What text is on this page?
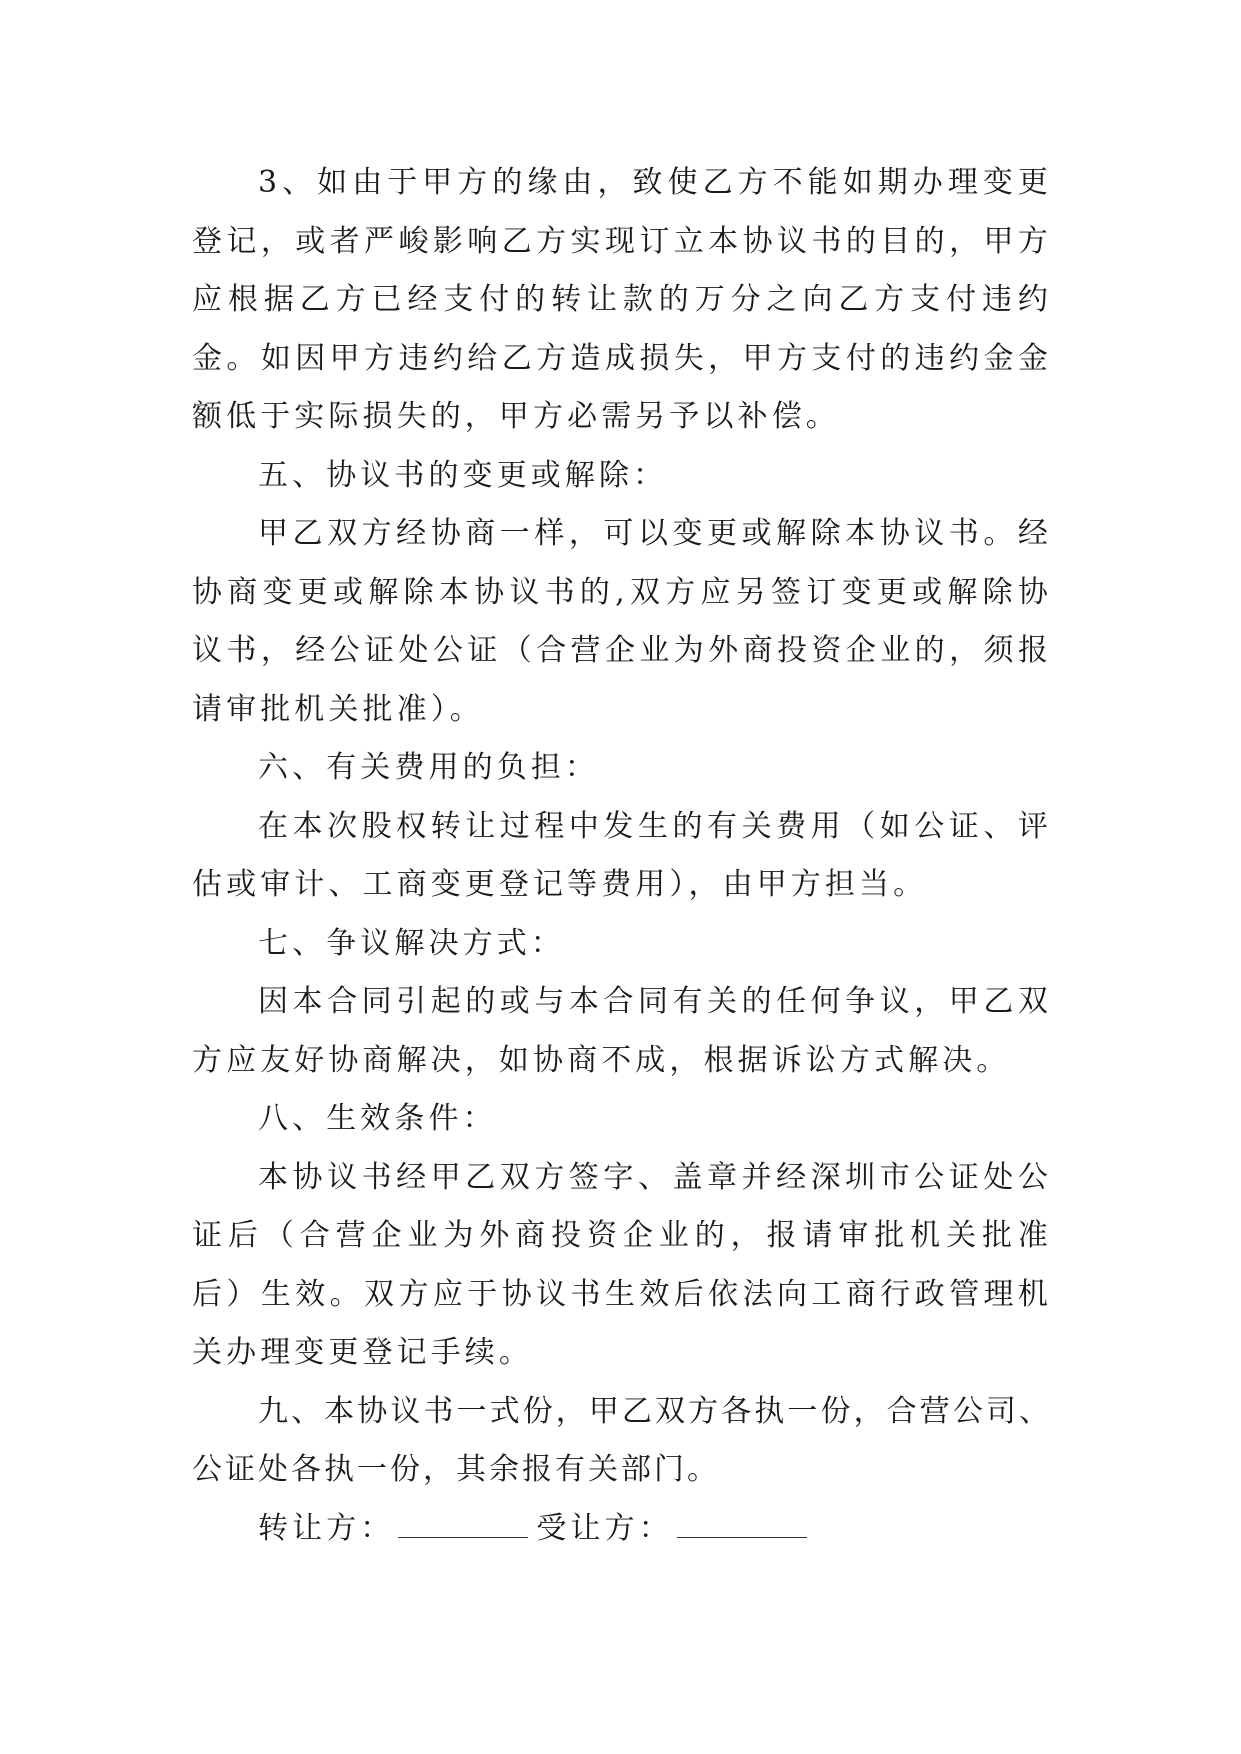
3、如由于甲方的缘由，致使乙方不能如期办理变更登记，或者严峻影响乙方实现订立本协议书的目的，甲方应根据乙方已经支付的转让款的万分之向乙方支付违约金。如因甲方违约给乙方造成损失，甲方支付的违约金金额低于实际损失的，甲方必需另予以补偿。

五、协议书的变更或解除：

甲乙双方经协商一样，可以变更或解除本协议书。经协商变更或解除本协议书的,双方应另签订变更或解除协议书，经公证处公证（合营企业为外商投资企业的，须报请审批机关批准）。

六、有关费用的负担：

在本次股权转让过程中发生的有关费用（如公证、评估或审计、工商变更登记等费用），由甲方担当。

七、争议解决方式：

因本合同引起的或与本合同有关的任何争议，甲乙双方应友好协商解决，如协商不成，根据诉讼方式解决。

八、生效条件：

本协议书经甲乙双方签字、盖章并经深圳市公证处公证后（合营企业为外商投资企业的，报请审批机关批准后）生效。双方应于协议书生效后依法向工商行政管理机关办理变更登记手续。

九、本协议书一式份，甲乙双方各执一份，合营公司、公证处各执一份，其余报有关部门。

转让方：	受让方：
